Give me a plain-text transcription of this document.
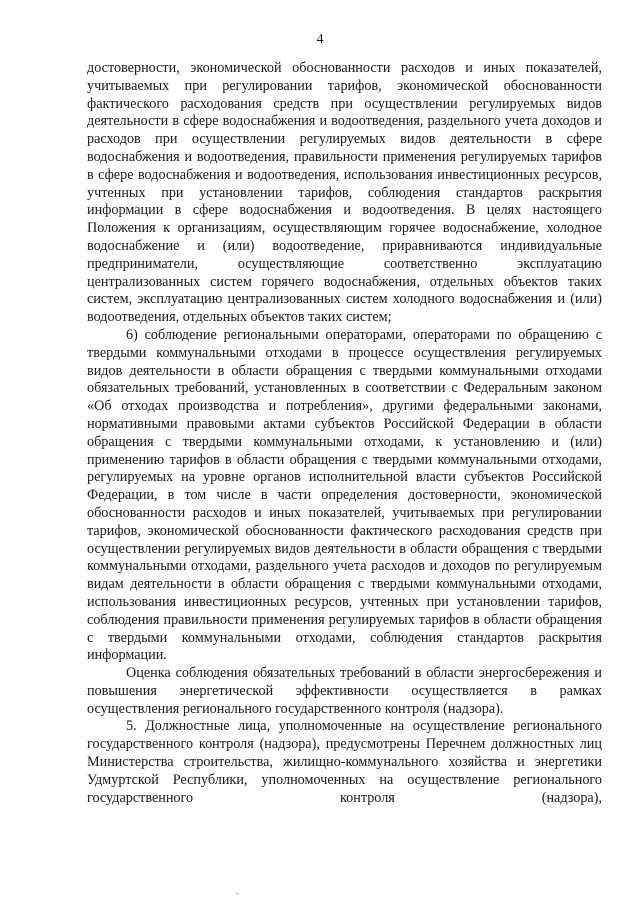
4

достоверности, экономической обоснованности расходов и иных показателей, учитываемых при регулировании тарифов, экономической обоснованности фактического расходования средств при осуществлении регулируемых видов деятельности в сфере водоснабжения и водоотведения, раздельного учета доходов и расходов при осуществлении регулируемых видов деятельности в сфере водоснабжения и водоотведения, правильности применения регулируемых тарифов в сфере водоснабжения и водоотведения, использования инвестиционных ресурсов, учтенных при установлении тарифов, соблюдения стандартов раскрытия информации в сфере водоснабжения и водоотведения. В целях настоящего Положения к организациям, осуществляющим горячее водоснабжение, холодное водоснабжение и (или) водоотведение, приравниваются индивидуальные предприниматели, осуществляющие соответственно эксплуатацию централизованных систем горячего водоснабжения, отдельных объектов таких систем, эксплуатацию централизованных систем холодного водоснабжения и (или) водоотведения, отдельных объектов таких систем;

6) соблюдение региональными операторами, операторами по обращению с твердыми коммунальными отходами в процессе осуществления регулируемых видов деятельности в области обращения с твердыми коммунальными отходами обязательных требований, установленных в соответствии с Федеральным законом «Об отходах производства и потребления», другими федеральными законами, нормативными правовыми актами субъектов Российской Федерации в области обращения с твердыми коммунальными отходами, к установлению и (или) применению тарифов в области обращения с твердыми коммунальными отходами, регулируемых на уровне органов исполнительной власти субъектов Российской Федерации, в том числе в части определения достоверности, экономической обоснованности расходов и иных показателей, учитываемых при регулировании тарифов, экономической обоснованности фактического расходования средств при осуществлении регулируемых видов деятельности в области обращения с твердыми коммунальными отходами, раздельного учета расходов и доходов по регулируемым видам деятельности в области обращения с твердыми коммунальными отходами, использования инвестиционных ресурсов, учтенных при установлении тарифов, соблюдения правильности применения регулируемых тарифов в области обращения с твердыми коммунальными отходами, соблюдения стандартов раскрытия информации.

Оценка соблюдения обязательных требований в области энергосбережения и повышения энергетической эффективности осуществляется в рамках осуществления регионального государственного контроля (надзора).

5. Должностные лица, уполномоченные на осуществление регионального государственного контроля (надзора), предусмотрены Перечнем должностных лиц Министерства строительства, жилищно-коммунального хозяйства и энергетики Удмуртской Республики, уполномоченных на осуществление регионального государственного контроля (надзора),
